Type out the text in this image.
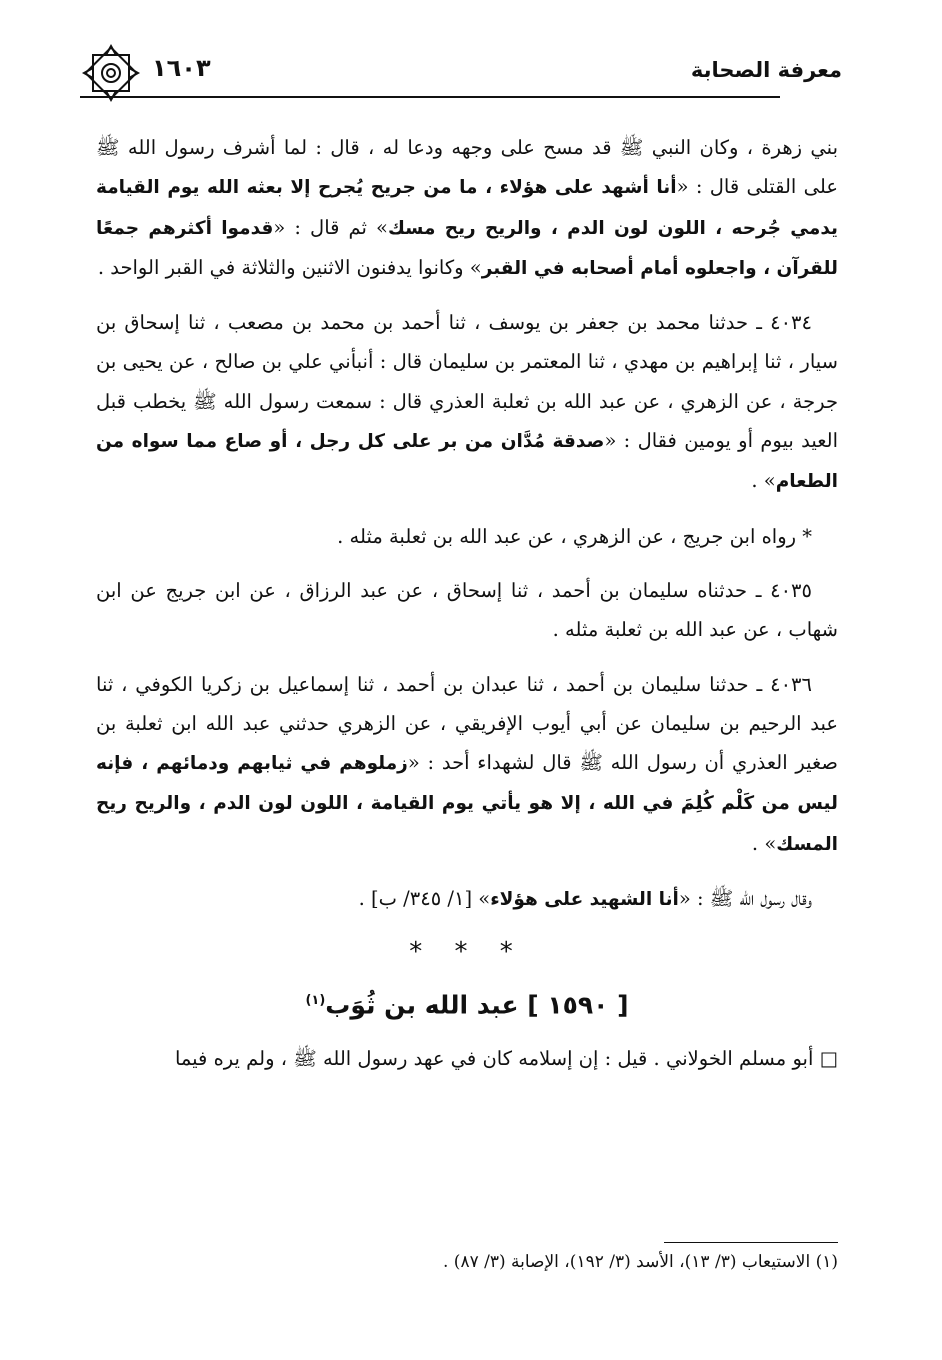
١٦٠٣	معرفة الصحابة

بني زهرة ، وكان النبي ﷺ قد مسح على وجهه ودعا له ، قال : لما أشرف رسول الله ﷺ على القتلى قال : «أنا أشهد على هؤلاء ، ما من جريح يُجرح إلا بعثه الله يوم القيامة يدمي جُرحه ، اللون لون الدم ، والريح ريح مسك» ثم قال : «قدموا أكثرهم جمعًا للقرآن ، واجعلوه أمام أصحابه في القبر» وكانوا يدفنون الاثنين والثلاثة في القبر الواحد .

٤٠٣٤ ـ حدثنا محمد بن جعفر بن يوسف ، ثنا أحمد بن محمد بن مصعب ، ثنا إسحاق بن سيار ، ثنا إبراهيم بن مهدي ، ثنا المعتمر بن سليمان قال : أنبأني علي بن صالح ، عن يحيى بن جرجة ، عن الزهري ، عن عبد الله بن ثعلبة العذري قال : سمعت رسول الله ﷺ يخطب قبل العيد بيوم أو يومين فقال : «صدقة مُدَّان من بر على كل رجل ، أو صاع مما سواه من الطعام» .

* رواه ابن جريج ، عن الزهري ، عن عبد الله بن ثعلبة مثله .

٤٠٣٥ ـ حدثناه سليمان بن أحمد ، ثنا إسحاق ، عن عبد الرزاق ، عن ابن جريج عن ابن شهاب ، عن عبد الله بن ثعلبة مثله .

٤٠٣٦ ـ حدثنا سليمان بن أحمد ، ثنا عبدان بن أحمد ، ثنا إسماعيل بن زكريا الكوفي ، ثنا عبد الرحيم بن سليمان عن أبي أيوب الإفريقي ، عن الزهري حدثني عبد الله ابن ثعلبة بن صغير العذري أن رسول الله ﷺ قال لشهداء أحد : «زملوهم في ثيابهم ودمائهم ، فإنه ليس من كَلْم كُلِمَ في الله ، إلا هو يأتي يوم القيامة ، اللون لون الدم ، والريح ريح المسك» .

وقال رسول الله ﷺ : «أنا الشهيد على هؤلاء» [١/ ٣٤٥/ ب] .

* * *
[ ١٥٩٠ ] عبد الله بن ثُوَب$^{(١)}$

□ أبو مسلم الخولاني . قيل : إن إسلامه كان في عهد رسول الله ﷺ ، ولم يره فيما

(١) الاستيعاب (٣/ ١٣)، الأسد (٣/ ١٩٢)، الإصابة (٣/ ٨٧) .
